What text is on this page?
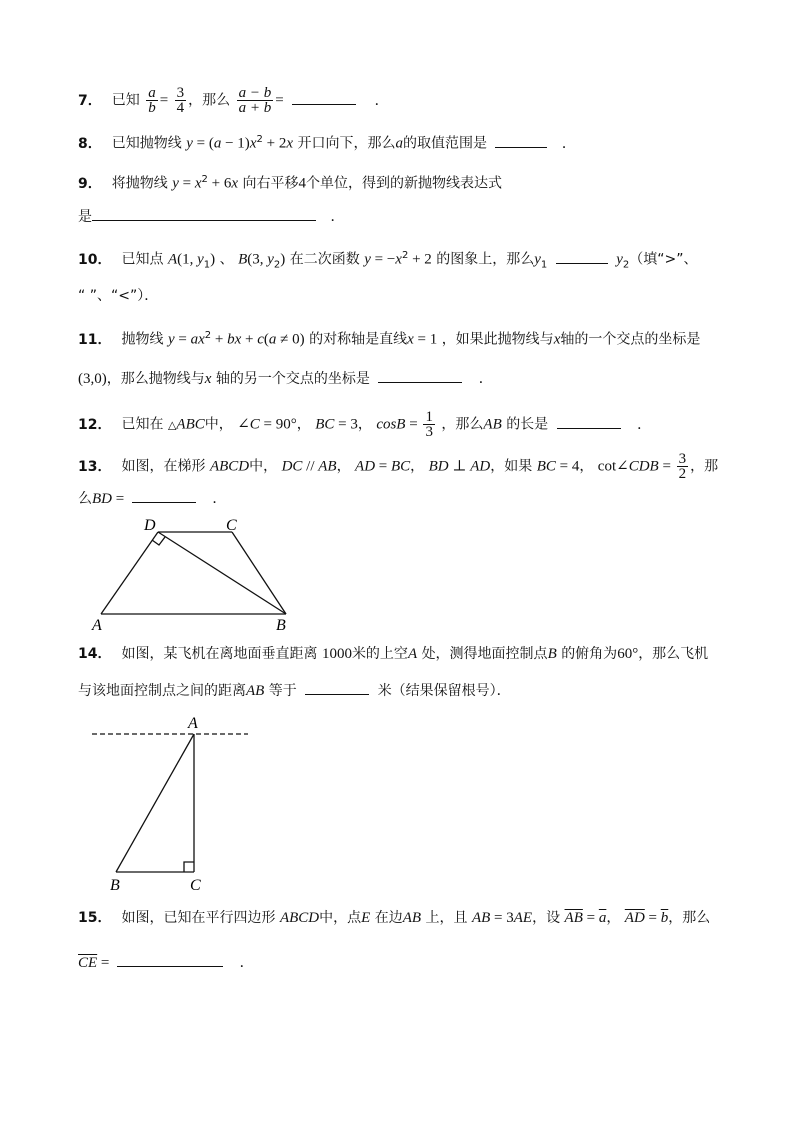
7． 已知 $\frac{a}{b} = \frac{3}{4}$ ，那么 $\frac{a - b}{a + b}$ =	．
8． 已知抛物线 $y = (a - 1)x^2 + 2x$ 开口向下，那么a的取值范围是	．
9． 将抛物线 $y = x^2 + 6x$ 向右平移4个单位，得到的新抛物线表达式
是	．
10． 已知点 A(1, $y_1$) 、 B(3, $y_2$) 在二次函数 $y = -x^2 + 2$ 的图象上，那么$y_1$	$y_2$（填“>”、
“ ”、“<”）．
11． 抛物线 $y = ax^2$ + bx + c(a ≠ 0) 的对称轴是直线x = 1 ，如果此抛物线与x轴的一个交点的坐标是
(3,0)，那么抛物线与x 轴的另一个交点的坐标是	．
12． 已知在 △ABC中， ∠C = 90°， BC = 3， $\cos B = \frac{1}{3}$ ，那么AB 的长是	．
13． 如图，在梯形 ABCD中， DC // AB， AD = BC， BD ⊥ AD，如果 BC = 4， cot∠CDB = $\frac{3}{2}$ ，那
么BD =	．
D	C
A	B
14． 如图，某飞机在离地面垂直距离 1000米的上空A 处，测得地面控制点B 的俯角为60°，那么飞机
与该地面控制点之间的距离AB 等于	米（结果保留根号）．
A
B	C
15． 如图，已知在平行四边形 ABCD中，点E 在边AB 上，且 AB = 3AE，设 $\overline{AB} = \overline{a}$， $\overline{AD} = \overline{b}$，那么
$\overline{CE}$ =	．
